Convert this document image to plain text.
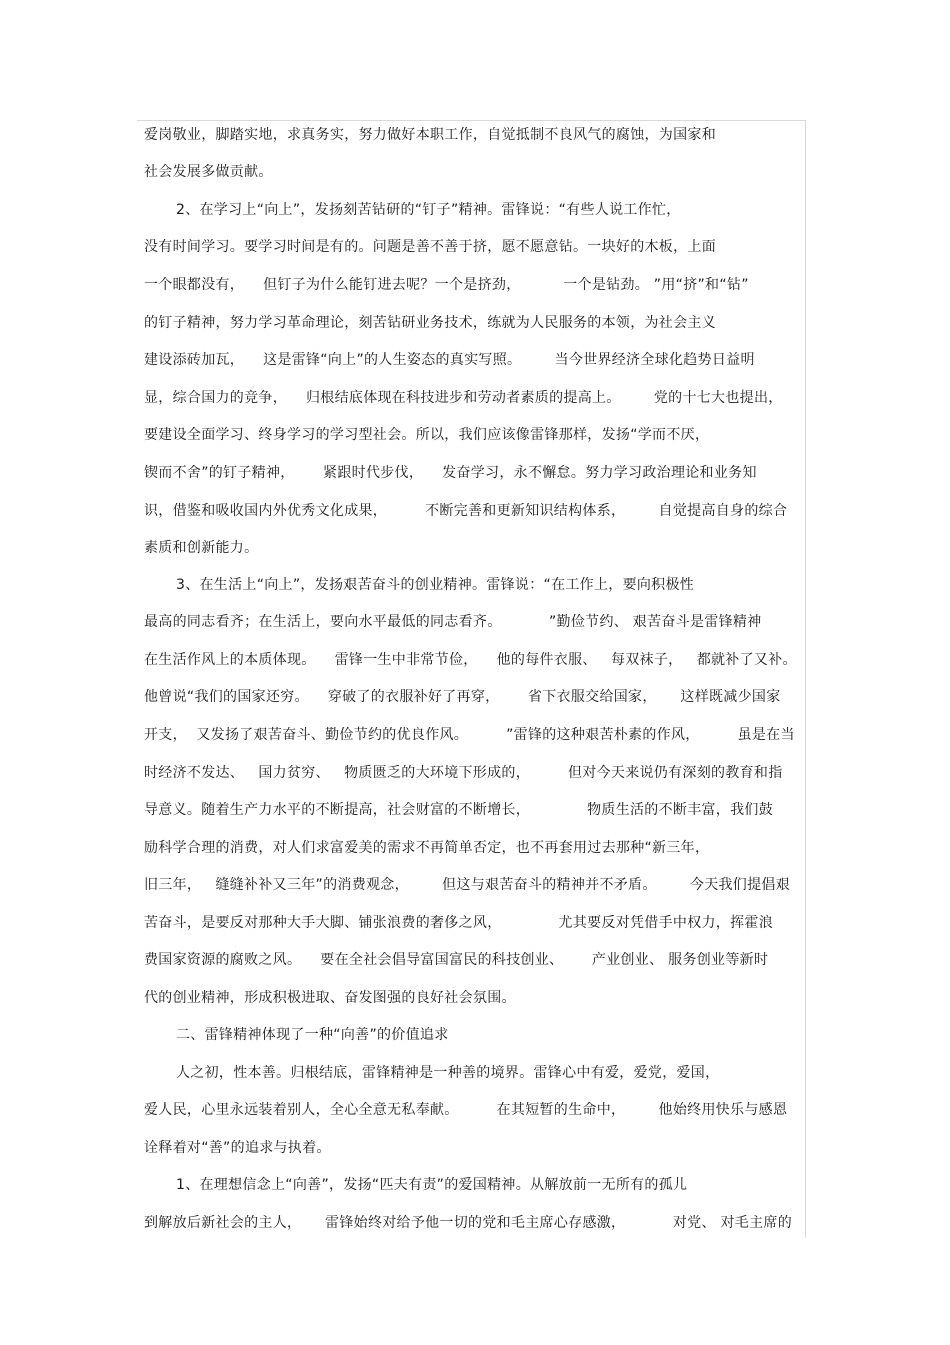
爱岗敬业，脚踏实地，求真务实，努力做好本职工作，自觉抵制不良风气的腐蚀，为国家和
社会发展多做贡献。
2、在学习上“向上”，发扬刻苦钻研的“钉子”精神。雷锋说：“有些人说工作忙，
没有时间学习。要学习时间是有的。问题是善不善于挤，愿不愿意钻。一块好的木板，上面
一个眼都没有，    但钉子为什么能钉进去呢？一个是挤劲，         一个是钻劲。 ”用“挤”和“钻”
的钉子精神，努力学习革命理论，刻苦钻研业务技术，练就为人民服务的本领，为社会主义
建设添砖加瓦，    这是雷锋“向上”的人生姿态的真实写照。       当今世界经济全球化趋势日益明
显，综合国力的竞争，    归根结底体现在科技进步和劳动者素质的提高上。       党的十七大也提出，
要建设全面学习、终身学习的学习型社会。所以，我们应该像雷锋那样，发扬“学而不厌，
锲而不舍”的钉子精神，      紧跟时代步伐，    发奋学习，永不懈怠。努力学习政治理论和业务知
识，借鉴和吸收国内外优秀文化成果，        不断完善和更新知识结构体系，       自觉提高自身的综合
素质和创新能力。
3、在生活上“向上”，发扬艰苦奋斗的创业精神。雷锋说：“在工作上，要向积极性
最高的同志看齐；在生活上，要向水平最低的同志看齐。          ”勤俭节约、 艰苦奋斗是雷锋精神
在生活作风上的本质体现。    雷锋一生中非常节俭，    他的每件衣服、   每双袜子，   都就补了又补。
他曾说“我们的国家还穷。    穿破了的衣服补好了再穿，      省下衣服交给国家，     这样既减少国家
开支，  又发扬了艰苦奋斗、勤俭节约的优良作风。        ”雷锋的这种艰苦朴素的作风，        虽是在当
时经济不发达、   国力贫穷、   物质匮乏的大环境下形成的，        但对今天来说仍有深刻的教育和指
导意义。随着生产力水平的不断提高，社会财富的不断增长，            物质生活的不断丰富，我们鼓
励科学合理的消费，对人们求富爱美的需求不再简单否定，也不再套用过去那种“新三年，
旧三年，   缝缝补补又三年”的消费观念，       但这与艰苦奋斗的精神并不矛盾。       今天我们提倡艰
苦奋斗，是要反对那种大手大脚、铺张浪费的奢侈之风，            尤其要反对凭借手中权力，挥霍浪
费国家资源的腐败之风。    要在全社会倡导富国富民的科技创业、      产业创业、 服务创业等新时
代的创业精神，形成积极进取、奋发图强的良好社会氛围。
二、雷锋精神体现了一种“向善”的价值追求
人之初，性本善。归根结底，雷锋精神是一种善的境界。雷锋心中有爱，爱党，爱国，
爱人民，心里永远装着别人，全心全意无私奉献。        在其短暂的生命中，       他始终用快乐与感恩
诠释着对“善”的追求与执着。
1、在理想信念上“向善”，发扬“匹夫有责”的爱国精神。从解放前一无所有的孤儿
到解放后新社会的主人，     雷锋始终对给予他一切的党和毛主席心存感激，          对党、 对毛主席的
